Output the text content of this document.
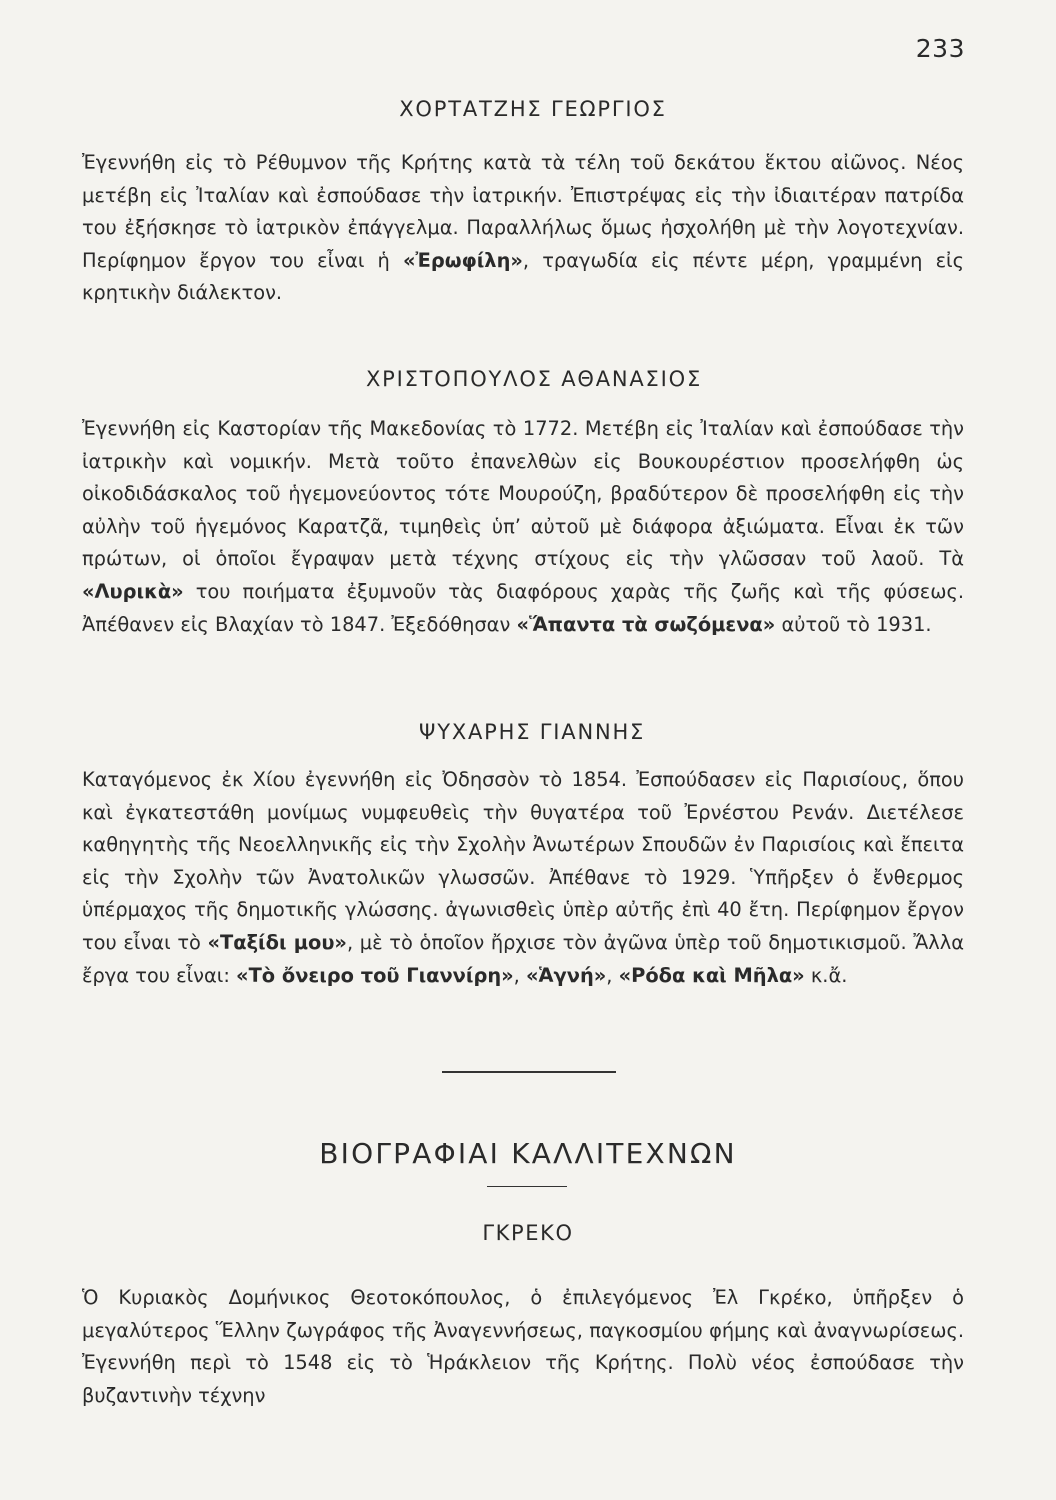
233
ΧΟΡΤΑΤΖΗΣ ΓΕΩΡΓΙΟΣ
Ἐγεννήθη εἰς τὸ Ρέθυμνον τῆς Κρήτης κατὰ τὰ τέλη τοῦ δεκάτου ἕκτου αἰῶνος. Νέος μετέβη εἰς Ἰταλίαν καὶ ἐσπούδασε τὴν ἰατρικήν. Ἐπιστρέψας εἰς τὴν ἰδιαιτέραν πατρίδα του ἐξήσκησε τὸ ἰατρικὸν ἐπάγγελμα. Παραλλήλως ὅμως ἠσχολήθη μὲ τὴν λογοτεχνίαν. Περίφημον ἔργον του εἶναι ἡ «Ἐρωφίλη», τραγωδία εἰς πέντε μέρη, γραμμένη εἰς κρητικὴν διάλεκτον.
ΧΡΙΣΤΟΠΟΥΛΟΣ ΑΘΑΝΑΣΙΟΣ
Ἐγεννήθη εἰς Καστορίαν τῆς Μακεδονίας τὸ 1772. Μετέβη εἰς Ἰταλίαν καὶ ἐσπούδασε τὴν ἰατρικὴν καὶ νομικήν. Μετὰ τοῦτο ἐπανελθὼν εἰς Βουκουρέστιον προσελήφθη ὡς οἰκοδιδάσκαλος τοῦ ἡγεμονεύοντος τότε Μουρούζη, βραδύτερον δὲ προσελήφθη εἰς τὴν αὐλὴν τοῦ ἡγεμόνος Καρατζᾶ, τιμηθεὶς ὑπ’ αὐτοῦ μὲ διάφορα ἀξιώματα. Εἶναι ἐκ τῶν πρώτων, οἱ ὁποῖοι ἔγραψαν μετὰ τέχνης στίχους εἰς τὴν γλῶσσαν τοῦ λαοῦ. Τὰ «Λυρικὰ» του ποιήματα ἐξυμνοῦν τὰς διαφόρους χαρὰς τῆς ζωῆς καὶ τῆς φύσεως. Ἀπέθανεν εἰς Βλαχίαν τὸ 1847. Ἐξεδόθησαν «Ἅπαντα τὰ σωζόμενα» αὐτοῦ τὸ 1931.
ΨΥΧΑΡΗΣ ΓΙΑΝΝΗΣ
Καταγόμενος ἐκ Χίου ἐγεννήθη εἰς Ὀδησσὸν τὸ 1854. Ἐσπούδασεν εἰς Παρισίους, ὅπου καὶ ἐγκατεστάθη μονίμως νυμφευθεὶς τὴν θυγατέρα τοῦ Ἐρνέστου Ρενάν. Διετέλεσε καθηγητὴς τῆς Νεοελληνικῆς εἰς τὴν Σχολὴν Ἀνωτέρων Σπουδῶν ἐν Παρισίοις καὶ ἔπειτα εἰς τὴν Σχολὴν τῶν Ἀνατολικῶν γλωσσῶν. Ἀπέθανε τὸ 1929. Ὑπῆρξεν ὁ ἔνθερμος ὑπέρμαχος τῆς δημοτικῆς γλώσσης. ἀγωνισθεὶς ὑπὲρ αὐτῆς ἐπὶ 40 ἔτη. Περίφημον ἔργον του εἶναι τὸ «Ταξίδι μου», μὲ τὸ ὁποῖον ἤρχισε τὸν ἀγῶνα ὑπὲρ τοῦ δημοτικισμοῦ. Ἄλλα ἔργα του εἶναι: «Τὸ ὄνειρο τοῦ Γιαννίρη», «Ἁγνή», «Ρόδα καὶ Μῆλα» κ.ἄ.
ΒΙΟΓΡΑΦΙΑΙ ΚΑΛΛΙΤΕΧΝΩΝ
ΓΚΡΕΚΟ
Ὁ Κυριακὸς Δομήνικος Θεοτοκόπουλος, ὁ ἐπιλεγόμενος Ἐλ Γκρέκο, ὑπῆρξεν ὁ μεγαλύτερος Ἕλλην ζωγράφος τῆς Ἀναγεννήσεως, παγκοσμίου φήμης καὶ ἀναγνωρίσεως. Ἐγεννήθη περὶ τὸ 1548 εἰς τὸ Ἡράκλειον τῆς Κρήτης. Πολὺ νέος ἐσπούδασε τὴν βυζαντινὴν τέχνην
